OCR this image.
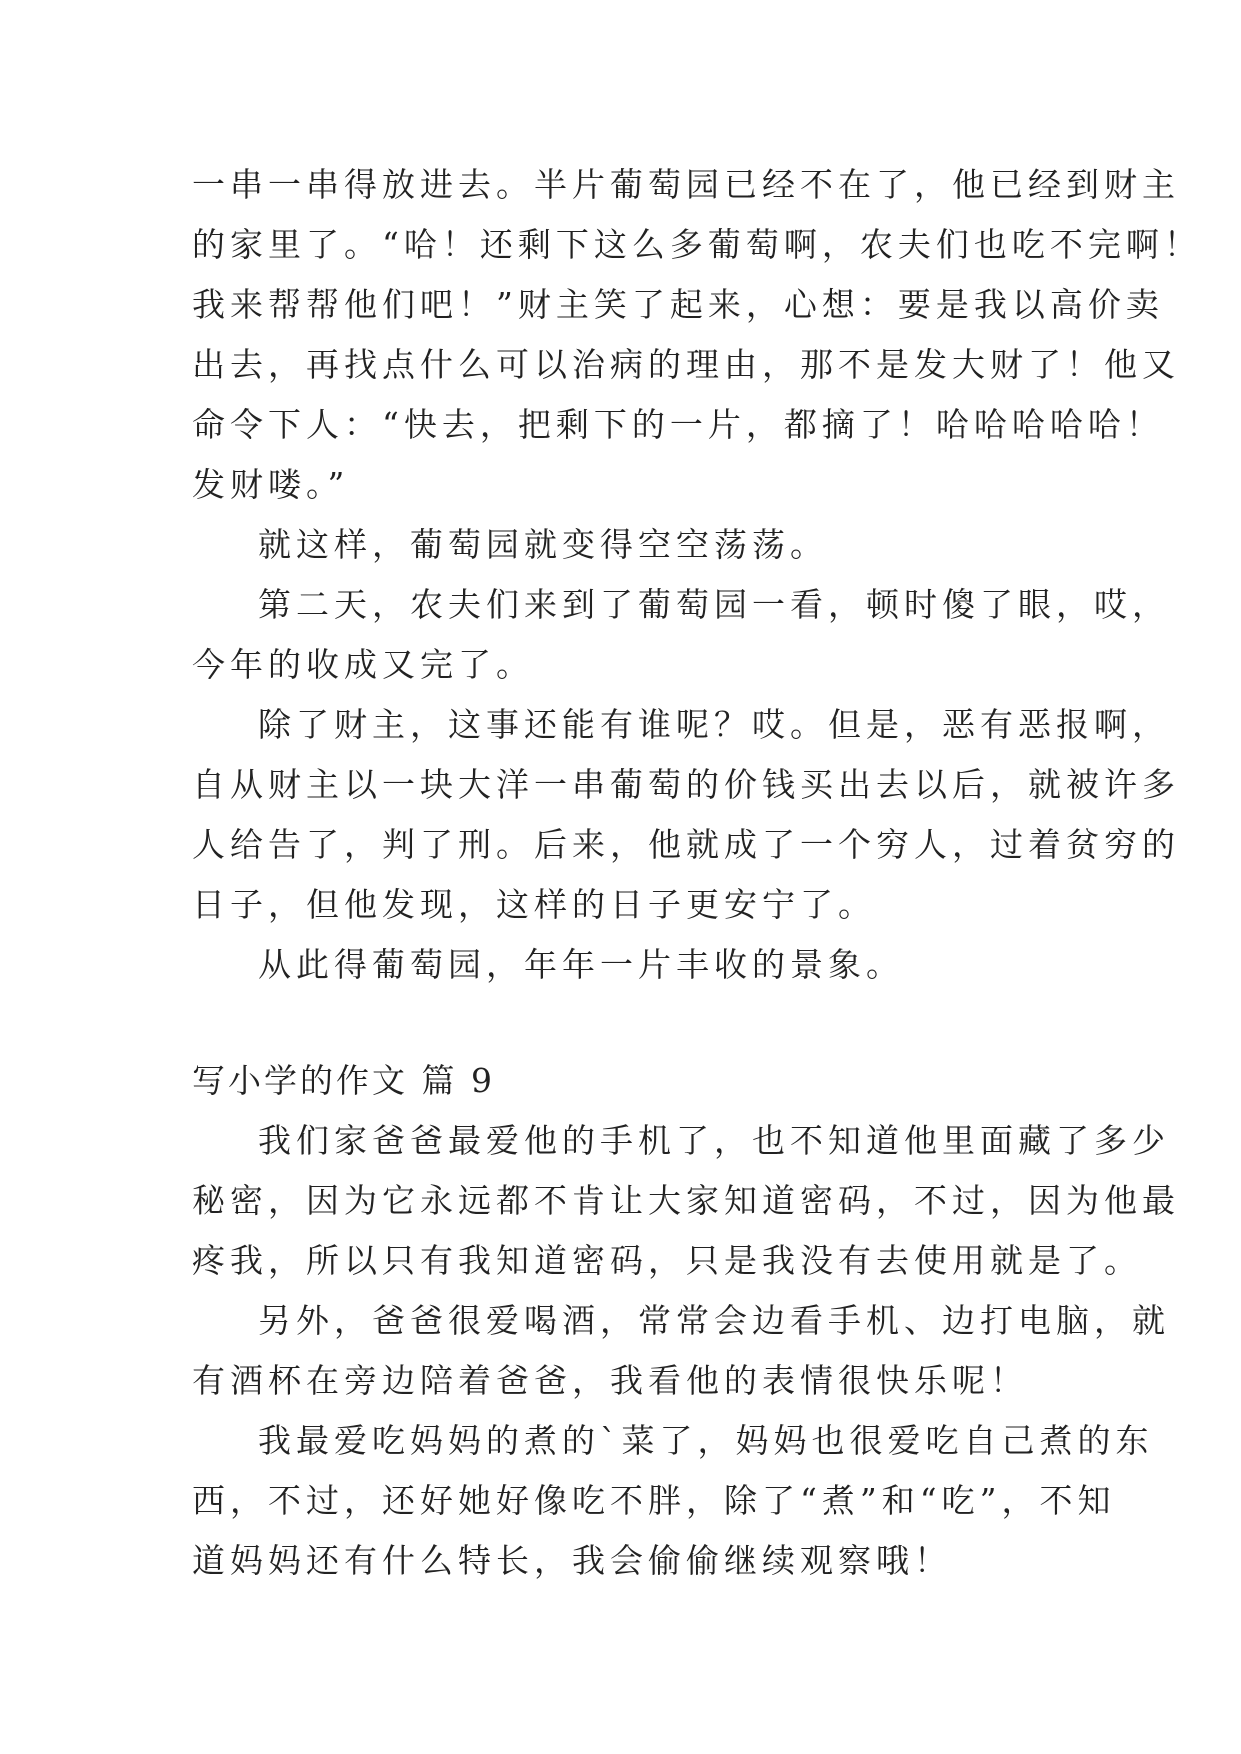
一串一串得放进去。半片葡萄园已经不在了，他已经到财主
的家里了。“哈！还剩下这么多葡萄啊，农夫们也吃不完啊！
我来帮帮他们吧！”财主笑了起来，心想：要是我以高价卖
出去，再找点什么可以治病的理由，那不是发大财了！他又
命令下人：“快去，把剩下的一片，都摘了！哈哈哈哈哈！
发财喽。”
就这样，葡萄园就变得空空荡荡。
第二天，农夫们来到了葡萄园一看，顿时傻了眼，哎，
今年的收成又完了。
除了财主，这事还能有谁呢？哎。但是，恶有恶报啊，
自从财主以一块大洋一串葡萄的价钱买出去以后，就被许多
人给告了，判了刑。后来，他就成了一个穷人，过着贫穷的
日子，但他发现，这样的日子更安宁了。
从此得葡萄园，年年一片丰收的景象。
写小学的作文 篇 9
我们家爸爸最爱他的手机了，也不知道他里面藏了多少
秘密，因为它永远都不肯让大家知道密码，不过，因为他最
疼我，所以只有我知道密码，只是我没有去使用就是了。
另外，爸爸很爱喝酒，常常会边看手机、边打电脑，就
有酒杯在旁边陪着爸爸，我看他的表情很快乐呢！
我最爱吃妈妈的煮的`菜了，妈妈也很爱吃自己煮的东
西，不过，还好她好像吃不胖，除了“煮”和“吃”，不知
道妈妈还有什么特长，我会偷偷继续观察哦！
